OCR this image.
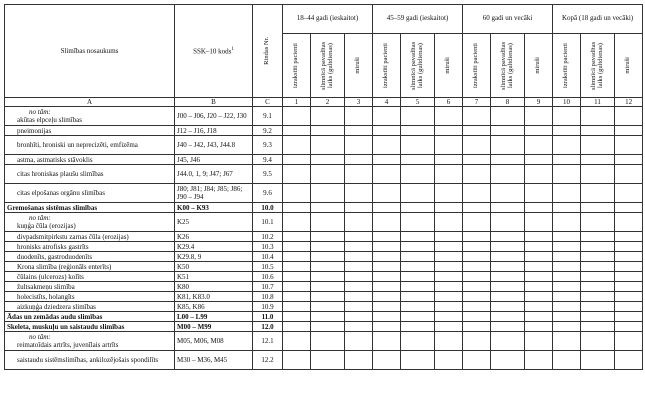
Slimības nosaukums	SSK–10 kods$^1$	Rindas Nr.	18–44 gadi (ieskaitot)			45–59 gadi (ieskaitot)			60 gadi un vecāki			Kopā (18 gadi un vecāki)		

			izrakstīti pacienti	slimnīcā pavadītas laiks (gultdienas)	miruši	izrakstīti pacienti	slimnīcā pavadītas laiks (gultdienas)	miruši	izrakstīti pacienti	slimnīcā pavadītas laiks (gultdienas)	miruši	izrakstīti pacienti	slimnīcā pavadītas laiks (gultdienas)	miruši

A	B	C	1	2	3	4	5	6	7	8	9	10	11	12

no tām:
akūtas elpceļu slimības	J00 – J06, J20 – J22, J30	9.1												

pneimonijas	J12 – J16, J18	9.2												

bronhīti, hroniski un neprecizēti, emfizēma	J40 – J42, J43, J44.8	9.3												

astma, astmatisks stāvoklis	J45, J46	9.4												

citas hroniskas plaušu slimības	J44.0, 1, 9; J47; J67	9.5												

citas elpošanas orgānu slimības	J80; J81; J84; J85; J86; J90 – J94	9.6												

Gremošanas sistēmas slimības	K00 – K93	10.0												

no tām:
kuņģa čūla (erozijas)	K25	10.1												

divpadsmitpirkstu zarnas čūla (erozijas)	K26	10.2												

hronisks atrofisks gastrīts	K29.4	10.3												

duodenīts, gastroduodenīts	K29.8, 9	10.4												

Krona slimība (reģionāls enterīts)	K50	10.5												

čūlains (ulcerozs) kolīts	K51	10.6												

žultsakmeņu slimība	K80	10.7												

holecistīts, holangīts	K81, K83.0	10.8												

aizkuņģa dziedzera slimības	K85, K86	10.9												

Ādas un zemādas audu slimības	L00 – L99	11.0												

Skeleta, muskuļu un saistaudu slimības	M00 – M99	12.0												

no tām:
reimatoīdais artrīts, juvenīlais artrīts	M05, M06, M08	12.1												

saistaudu sistēmslimības, ankilozējošais spondilīts	M30 – M36, M45	12.2												
